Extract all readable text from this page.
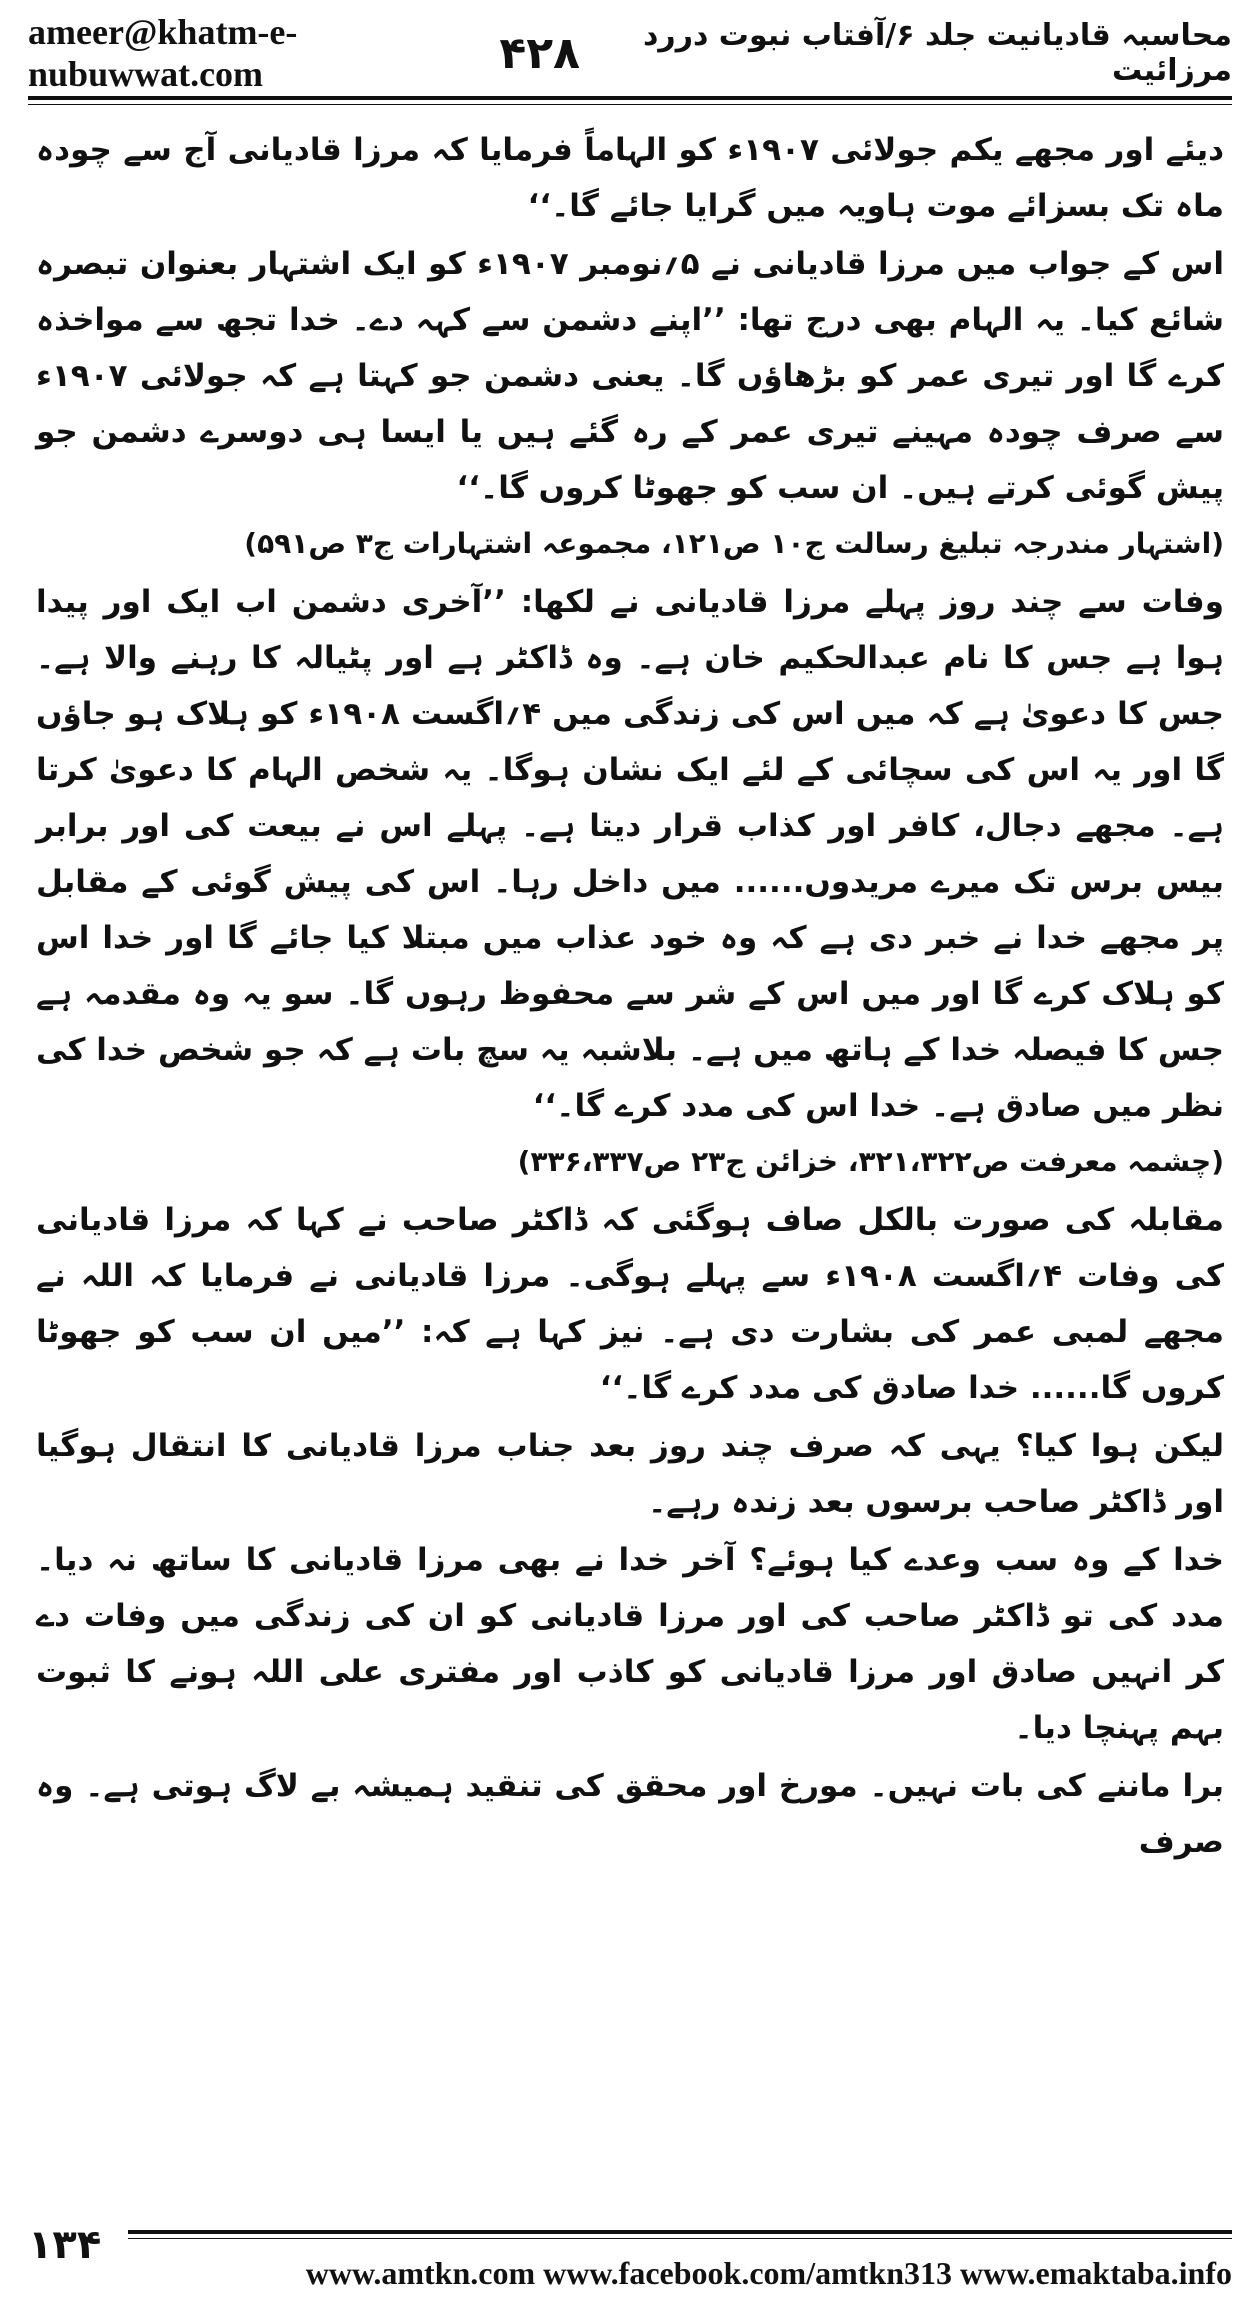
ameer@khatm-e-nubuwwat.com	۴۲۸	محاسبہ قادیانیت جلد ۶/آفتاب نبوت دررد مرزائیت

دیئے اور مجھے یکم جولائی ۱۹۰۷ء کو الہاماً فرمایا کہ مرزا قادیانی آج سے چودہ ماہ تک بسزائے موت ہاویہ میں گرایا جائے گا۔‘‘

اس کے جواب میں مرزا قادیانی نے ۵؍نومبر ۱۹۰۷ء کو ایک اشتہار بعنوان تبصرہ شائع کیا۔ یہ الہام بھی درج تھا: ’’اپنے دشمن سے کہہ دے۔ خدا تجھ سے مواخذہ کرے گا اور تیری عمر کو بڑھاؤں گا۔ یعنی دشمن جو کہتا ہے کہ جولائی ۱۹۰۷ء سے صرف چودہ مہینے تیری عمر کے رہ گئے ہیں یا ایسا ہی دوسرے دشمن جو پیش گوئی کرتے ہیں۔ ان سب کو جھوٹا کروں گا۔‘‘

(اشتہار مندرجہ تبلیغ رسالت ج۱۰ ص۱۲۱، مجموعہ اشتہارات ج۳ ص۵۹۱)

وفات سے چند روز پہلے مرزا قادیانی نے لکھا: ’’آخری دشمن اب ایک اور پیدا ہوا ہے جس کا نام عبدالحکیم خان ہے۔ وہ ڈاکٹر ہے اور پٹیالہ کا رہنے والا ہے۔ جس کا دعویٰ ہے کہ میں اس کی زندگی میں ۴؍اگست ۱۹۰۸ء کو ہلاک ہو جاؤں گا اور یہ اس کی سچائی کے لئے ایک نشان ہوگا۔ یہ شخص الہام کا دعویٰ کرتا ہے۔ مجھے دجال، کافر اور کذاب قرار دیتا ہے۔ پہلے اس نے بیعت کی اور برابر بیس برس تک میرے مریدوں...... میں داخل رہا۔ اس کی پیش گوئی کے مقابل پر مجھے خدا نے خبر دی ہے کہ وہ خود عذاب میں مبتلا کیا جائے گا اور خدا اس کو ہلاک کرے گا اور میں اس کے شر سے محفوظ رہوں گا۔ سو یہ وہ مقدمہ ہے جس کا فیصلہ خدا کے ہاتھ میں ہے۔ بلاشبہ یہ سچ بات ہے کہ جو شخص خدا کی نظر میں صادق ہے۔ خدا اس کی مدد کرے گا۔‘‘

(چشمہ معرفت ص۳۲۱،۳۲۲، خزائن ج۲۳ ص۳۳۶،۳۳۷)

مقابلہ کی صورت بالکل صاف ہوگئی کہ ڈاکٹر صاحب نے کہا کہ مرزا قادیانی کی وفات ۴؍اگست ۱۹۰۸ء سے پہلے ہوگی۔ مرزا قادیانی نے فرمایا کہ اللہ نے مجھے لمبی عمر کی بشارت دی ہے۔ نیز کہا ہے کہ: ’’میں ان سب کو جھوٹا کروں گا...... خدا صادق کی مدد کرے گا۔‘‘

لیکن ہوا کیا؟ یہی کہ صرف چند روز بعد جناب مرزا قادیانی کا انتقال ہوگیا اور ڈاکٹر صاحب برسوں بعد زندہ رہے۔

خدا کے وہ سب وعدے کیا ہوئے؟ آخر خدا نے بھی مرزا قادیانی کا ساتھ نہ دیا۔ مدد کی تو ڈاکٹر صاحب کی اور مرزا قادیانی کو ان کی زندگی میں وفات دے کر انہیں صادق اور مرزا قادیانی کو کاذب اور مفتری علی اللہ ہونے کا ثبوت بہم پہنچا دیا۔

برا ماننے کی بات نہیں۔ مورخ اور محقق کی تنقید ہمیشہ بے لاگ ہوتی ہے۔ وہ صرف

۱۳۴
www.amtkn.com www.facebook.com/amtkn313 www.emaktaba.info
